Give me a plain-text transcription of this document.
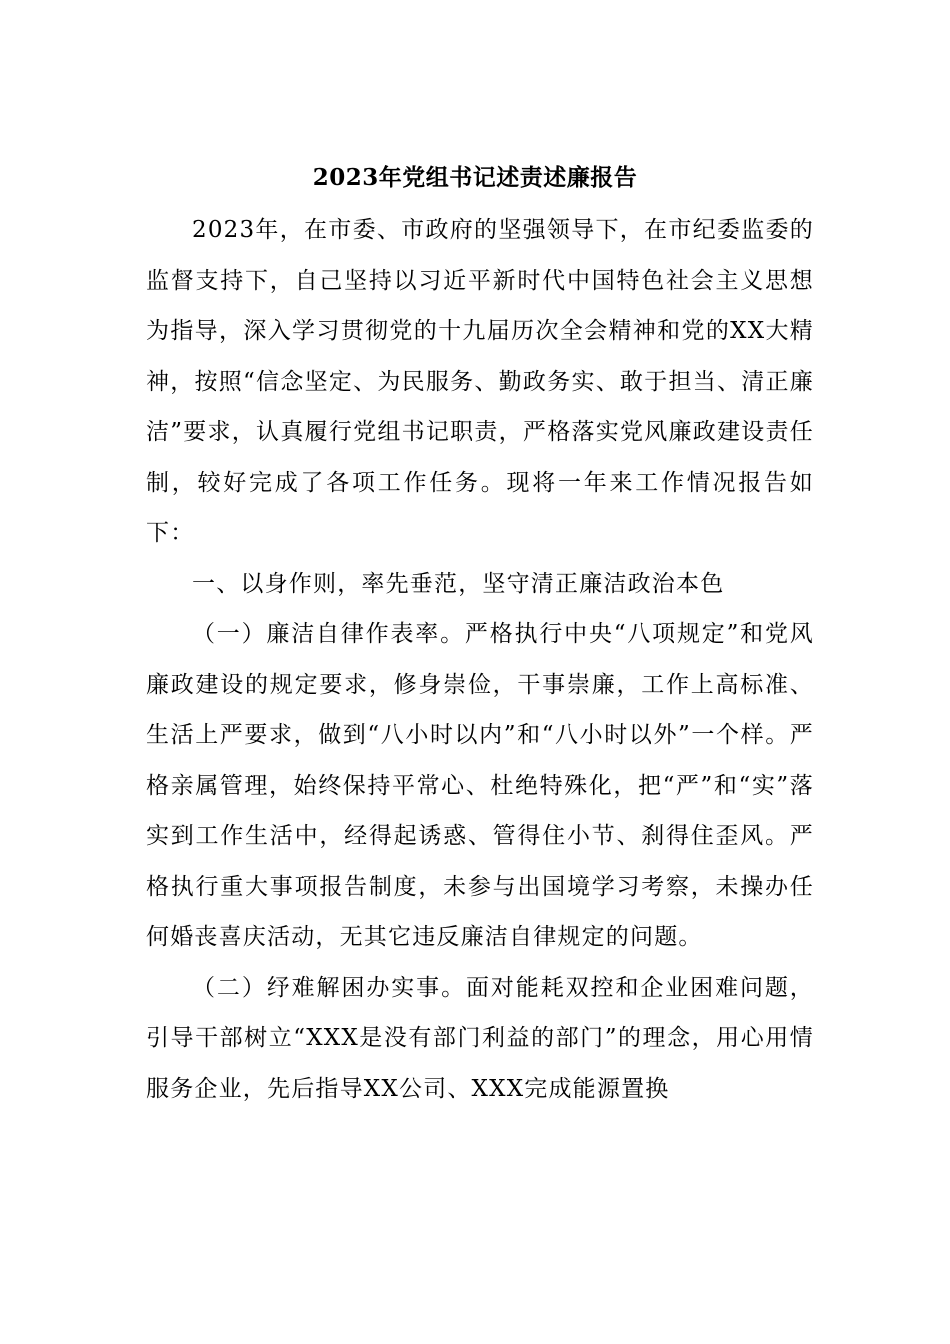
2023年党组书记述责述廉报告

2023年，在市委、市政府的坚强领导下，在市纪委监委的监督支持下，自己坚持以习近平新时代中国特色社会主义思想为指导，深入学习贯彻党的十九届历次全会精神和党的XX大精神，按照“信念坚定、为民服务、勤政务实、敢于担当、清正廉洁”要求，认真履行党组书记职责，严格落实党风廉政建设责任制，较好完成了各项工作任务。现将一年来工作情况报告如下：

一、以身作则，率先垂范，坚守清正廉洁政治本色

（一）廉洁自律作表率。严格执行中央“八项规定”和党风廉政建设的规定要求，修身崇俭，干事崇廉，工作上高标准、生活上严要求，做到“八小时以内”和“八小时以外”一个样。严格亲属管理，始终保持平常心、杜绝特殊化，把“严”和“实”落实到工作生活中，经得起诱惑、管得住小节、刹得住歪风。严格执行重大事项报告制度，未参与出国境学习考察，未操办任何婚丧喜庆活动，无其它违反廉洁自律规定的问题。

（二）纾难解困办实事。面对能耗双控和企业困难问题，引导干部树立“XXX是没有部门利益的部门”的理念，用心用情服务企业，先后指导XX公司、XXX完成能源置换
